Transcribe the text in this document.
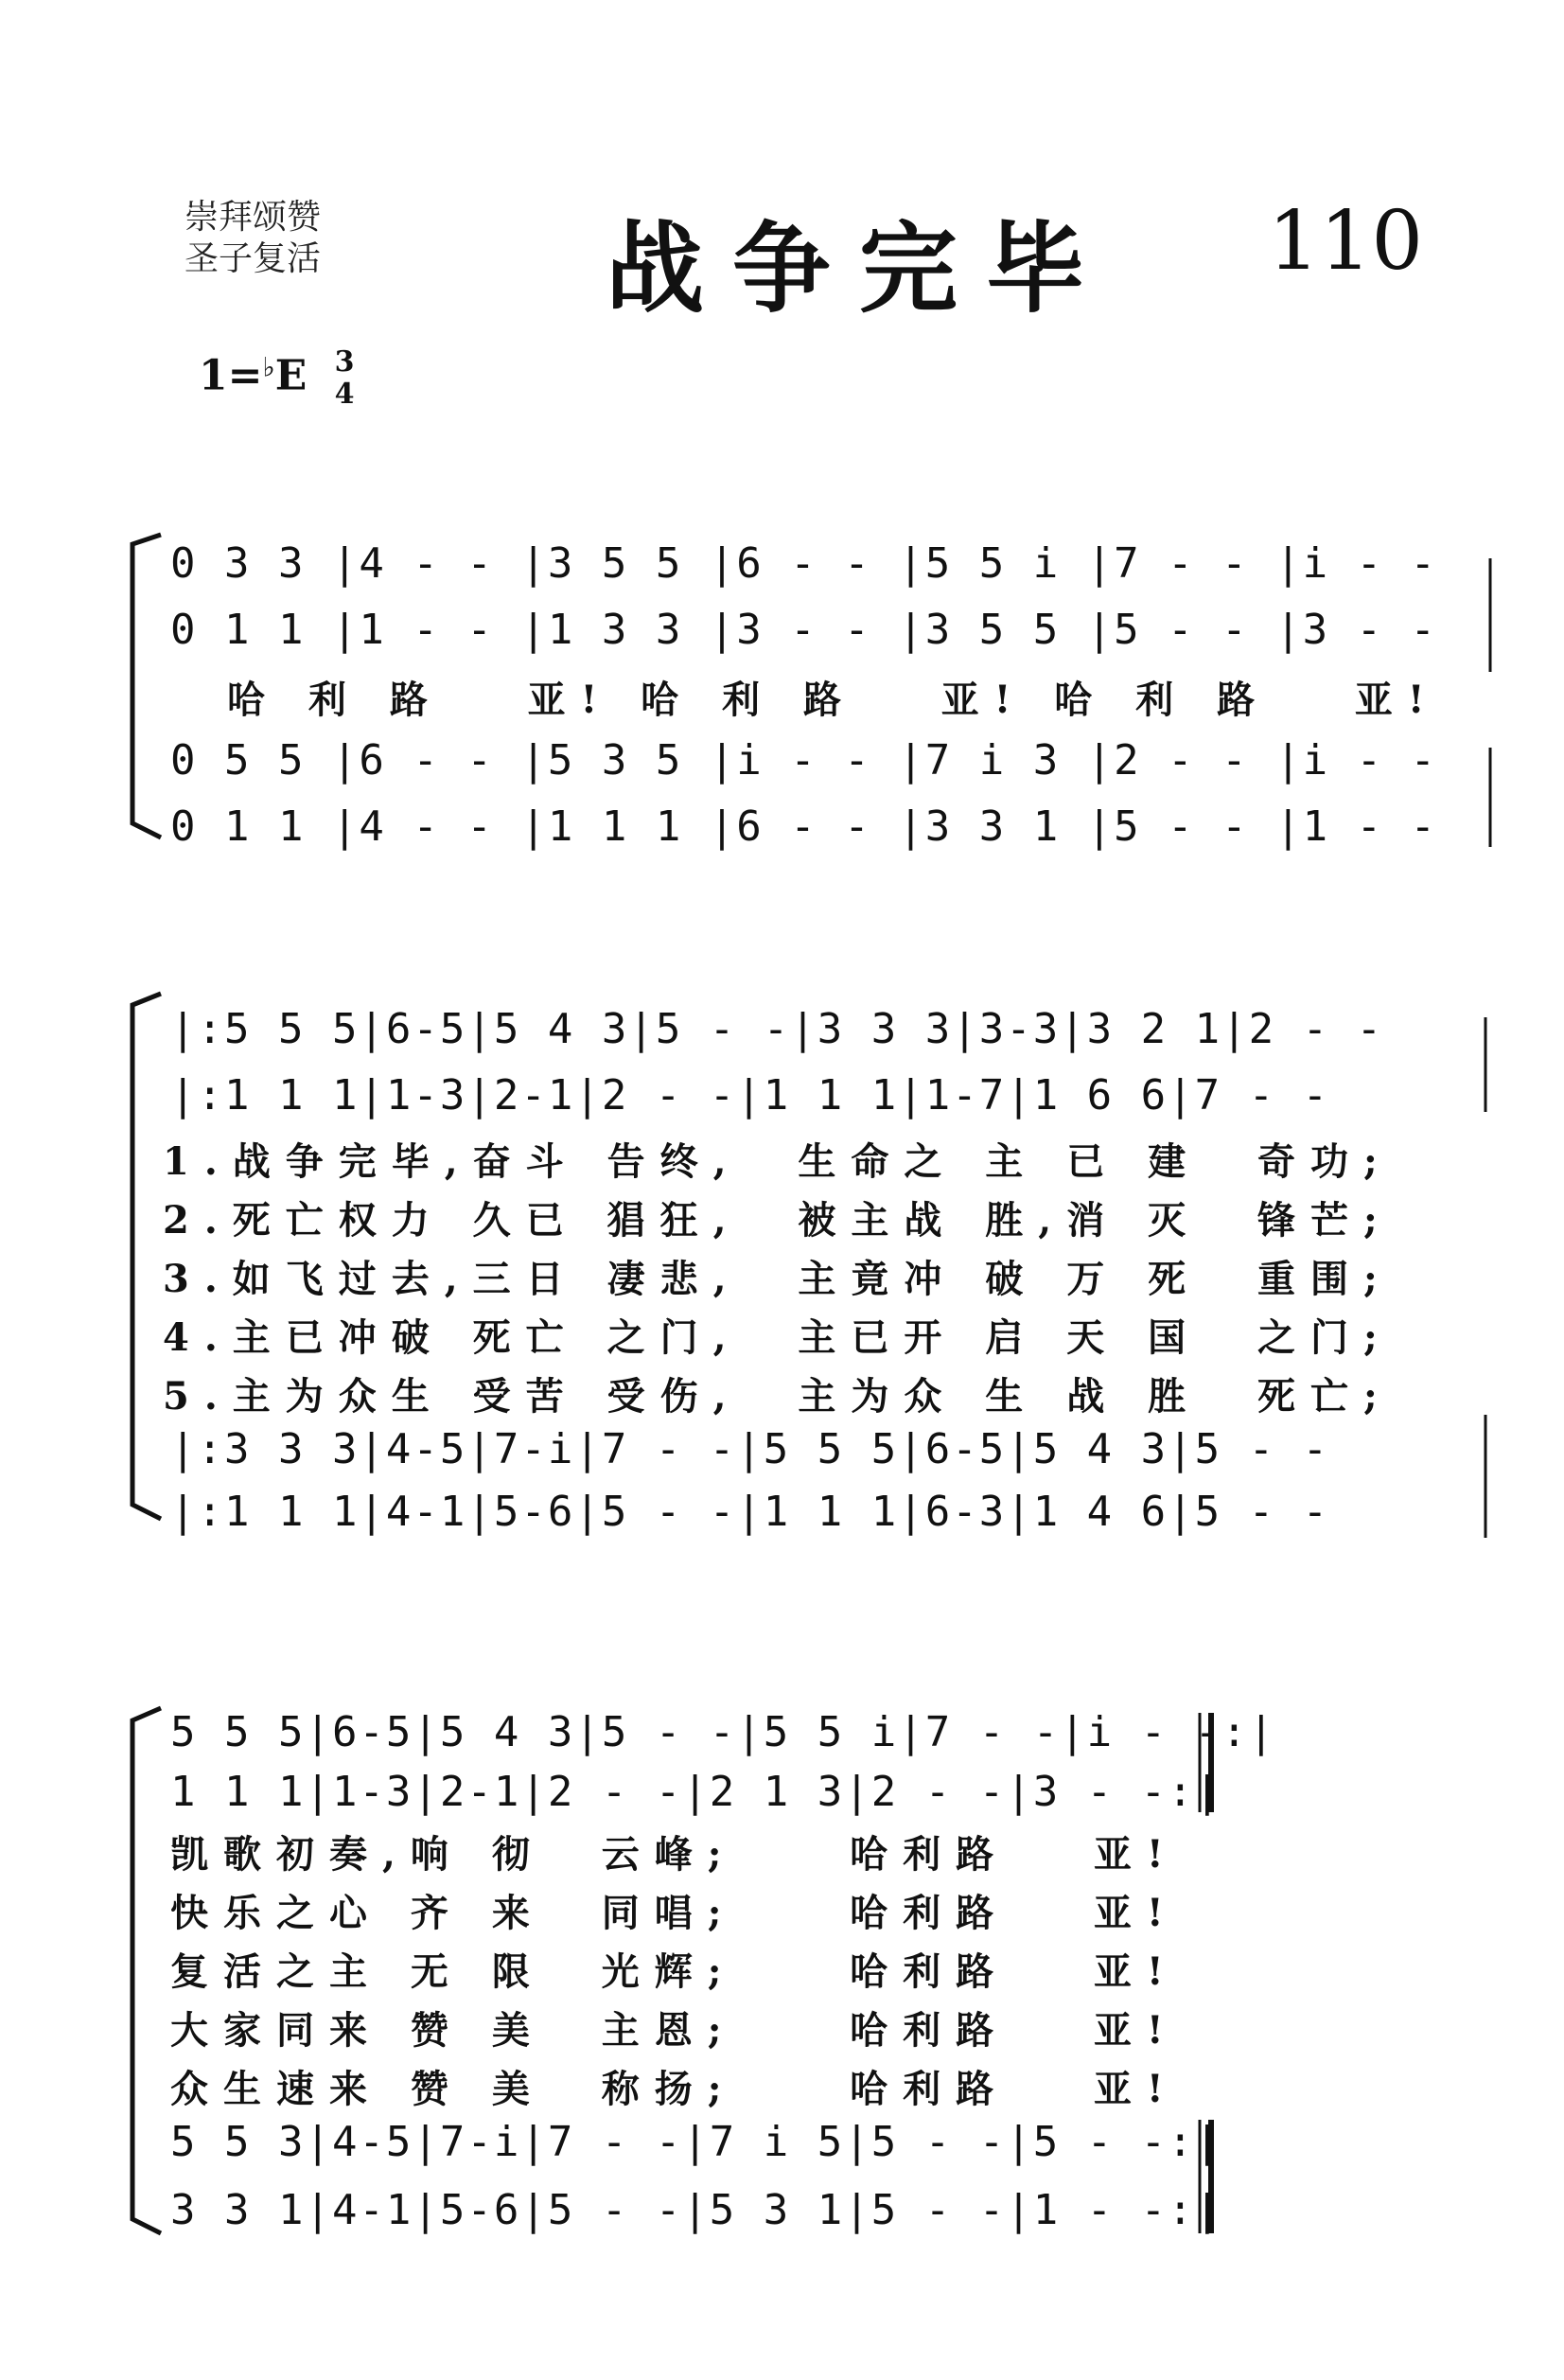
崇拜颂赞
圣子复活	战争完毕 110
1=♭E 3
4
0 3 3 |4 - - |3 5 5 |6 - - |5 5 i |7 - - |i - -
0 1 1 |1 - - |1 3 3 |3 - - |3 5 5 |5 - - |3 - -
哈 利 路   亚! 哈 利 路   亚! 哈 利 路   亚!
0 5 5 |6 - - |5 3 5 |i - - |7 i 3 |2 - - |i - -
0 1 1 |4 - - |1 1 1 |6 - - |3 3 1 |5 - - |1 - -
|:5 5 5|6-5|5 4 3|5 - -|3 3 3|3-3|3 2 1|2 - -
|:1 1 1|1-3|2-1|2 - -|1 1 1|1-7|1 6 6|7 - -
1.战争完毕,奋斗 告终,  生命之 主 已 建  奇功;
2.死亡权力 久已 猖狂,  被主战 胜,消 灭  锋芒;
3.如飞过去,三日 凄悲,  主竟冲 破 万 死  重围;
4.主已冲破 死亡 之门,  主已开 启 天 国  之门;
5.主为众生 受苦 受伤,  主为众 生 战 胜  死亡;
|:3 3 3|4-5|7-i|7 - -|5 5 5|6-5|5 4 3|5 - -
|:1 1 1|4-1|5-6|5 - -|1 1 1|6-3|1 4 6|5 - -
5 5 5|6-5|5 4 3|5 - -|5 5 i|7 - -|i - -:|
1 1 1|1-3|2-1|2 - -|2 1 3|2 - -|3 - -:|
凯歌初奏,响 彻  云峰;    哈利路   亚!
快乐之心 齐 来  同唱;    哈利路   亚!
复活之主 无 限  光辉;    哈利路   亚!
大家同来 赞 美  主恩;    哈利路   亚!
众生速来 赞 美  称扬;    哈利路   亚!
5 5 3|4-5|7-i|7 - -|7 i 5|5 - -|5 - -:|
3 3 1|4-1|5-6|5 - -|5 3 1|5 - -|1 - -:|
